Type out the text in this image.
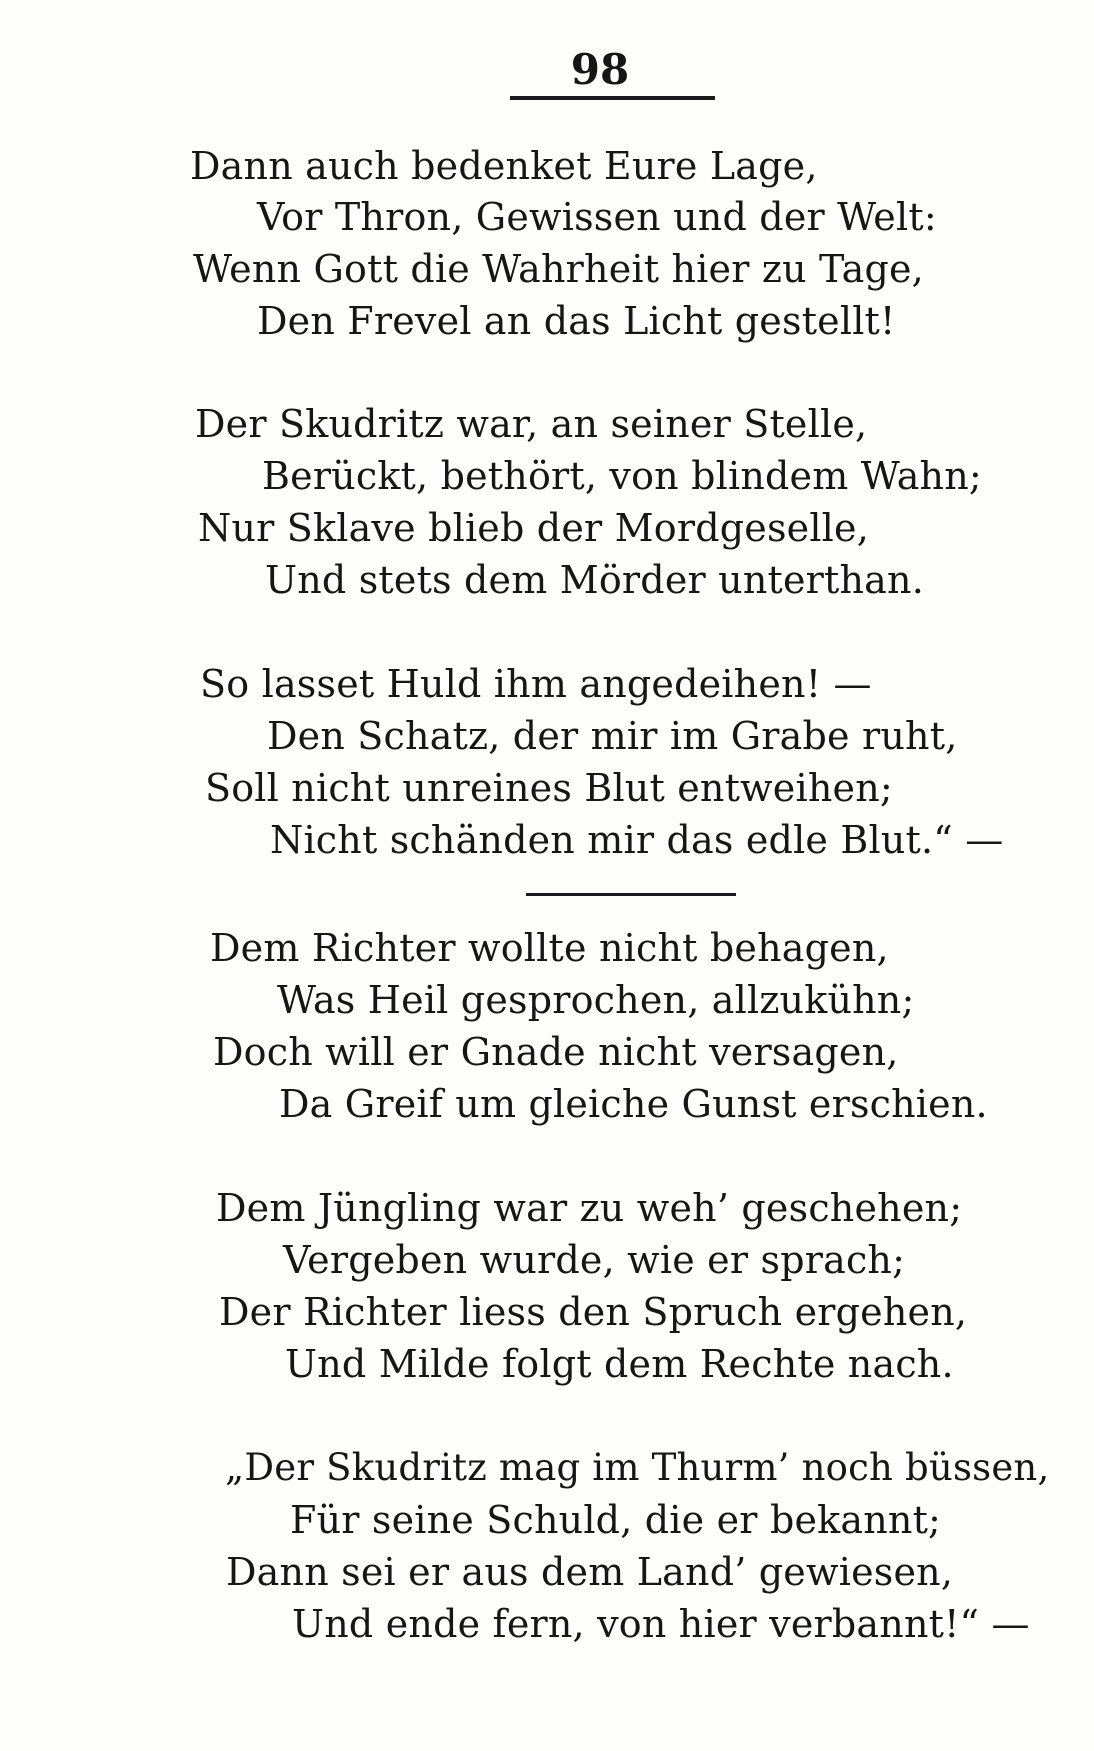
98
Dann auch bedenket Eure Lage,
Vor Thron, Gewissen und der Welt:
Wenn Gott die Wahrheit hier zu Tage,
Den Frevel an das Licht gestellt!
Der Skudritz war, an seiner Stelle,
Berückt, bethört, von blindem Wahn;
Nur Sklave blieb der Mordgeselle,
Und stets dem Mörder unterthan.
So lasset Huld ihm angedeihen! —
Den Schatz, der mir im Grabe ruht,
Soll nicht unreines Blut entweihen;
Nicht schänden mir das edle Blut.“ —
Dem Richter wollte nicht behagen,
Was Heil gesprochen, allzukühn;
Doch will er Gnade nicht versagen,
Da Greif um gleiche Gunst erschien.
Dem Jüngling war zu weh’ geschehen;
Vergeben wurde, wie er sprach;
Der Richter liess den Spruch ergehen,
Und Milde folgt dem Rechte nach.
„Der Skudritz mag im Thurm’ noch büssen,
Für seine Schuld, die er bekannt;
Dann sei er aus dem Land’ gewiesen,
Und ende fern, von hier verbannt!“ —
